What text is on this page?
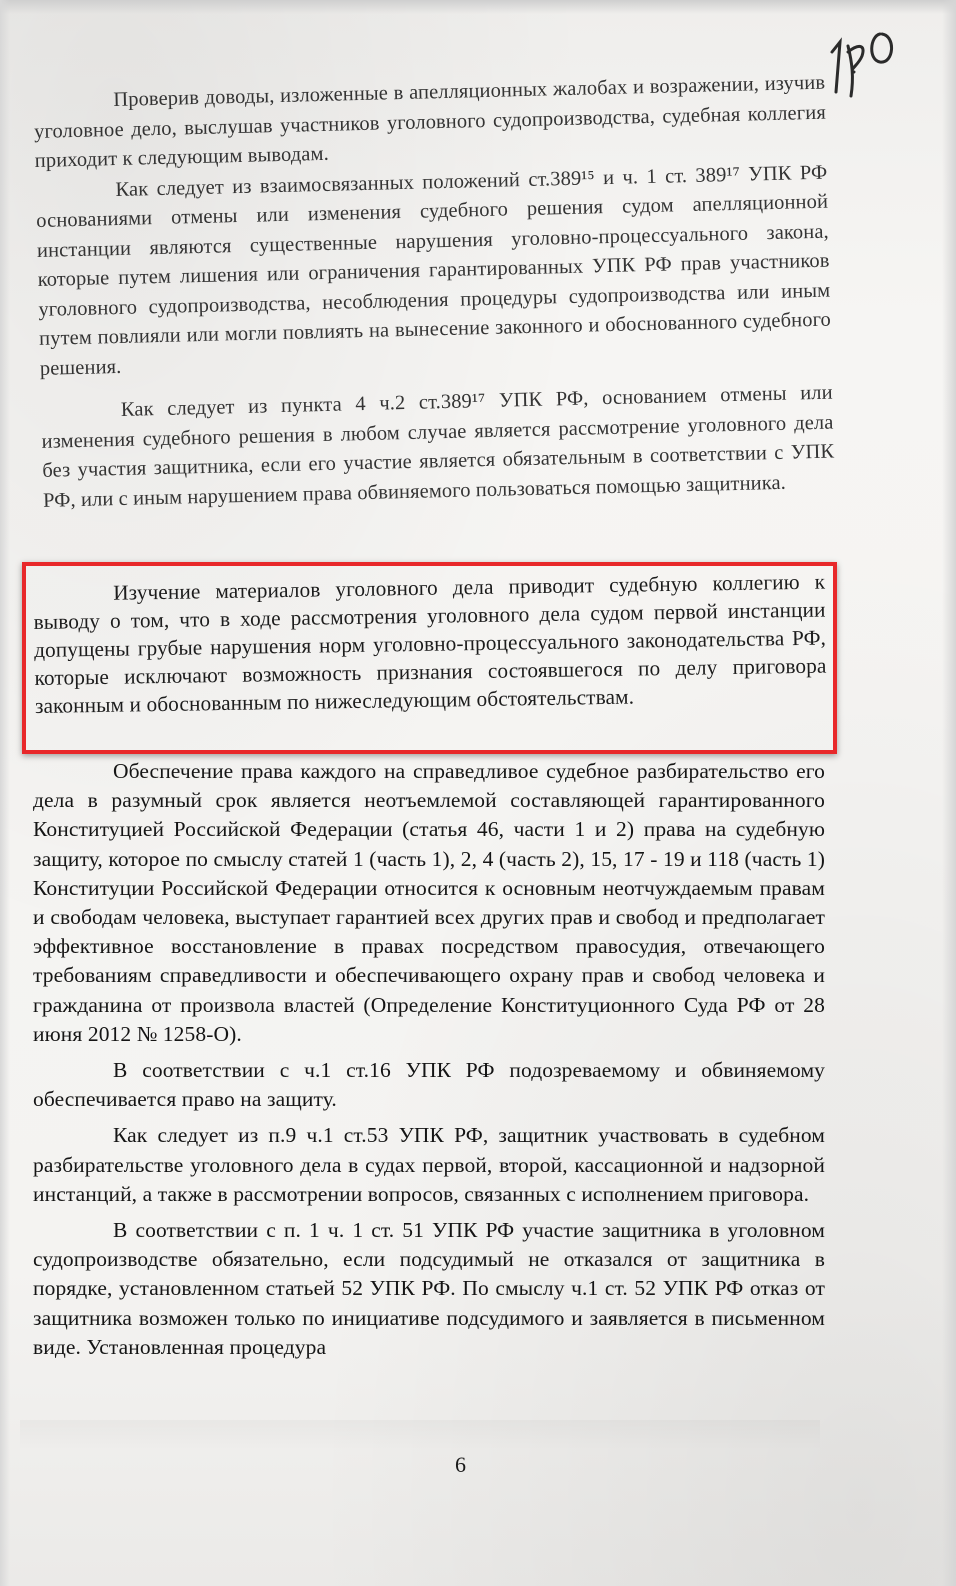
Проверив доводы, изложенные в апелляционных жалобах и возражении, изучив уголовное дело, выслушав участников уголовного судопроизводства, судебная коллегия приходит к следующим выводам.

Как следует из взаимосвязанных положений ст.389¹⁵ и ч. 1 ст. 389¹⁷ УПК РФ основаниями отмены или изменения судебного решения судом апелляционной инстанции являются существенные нарушения уголовно-процессуального закона, которые путем лишения или ограничения гарантированных УПК РФ прав участников уголовного судопроизводства, несоблюдения процедуры судопроизводства или иным путем повлияли или могли повлиять на вынесение законного и обоснованного судебного решения.

Как следует из пункта 4 ч.2 ст.389¹⁷ УПК РФ, основанием отмены или изменения судебного решения в любом случае является рассмотрение уголовного дела без участия защитника, если его участие является обязательным в соответствии с УПК РФ, или с иным нарушением права обвиняемого пользоваться помощью защитника.

Изучение материалов уголовного дела приводит судебную коллегию к выводу о том, что в ходе рассмотрения уголовного дела судом первой инстанции допущены грубые нарушения норм уголовно-процессуального законодательства РФ, которые исключают возможность признания состоявшегося по делу приговора законным и обоснованным по нижеследующим обстоятельствам.

Обеспечение права каждого на справедливое судебное разбирательство его дела в разумный срок является неотъемлемой составляющей гарантированного Конституцией Российской Федерации (статья 46, части 1 и 2) права на судебную защиту, которое по смыслу статей 1 (часть 1), 2, 4 (часть 2), 15, 17 - 19 и 118 (часть 1) Конституции Российской Федерации относится к основным неотчуждаемым правам и свободам человека, выступает гарантией всех других прав и свобод и предполагает эффективное восстановление в правах посредством правосудия, отвечающего требованиям справедливости и обеспечивающего охрану прав и свобод человека и гражданина от произвола властей (Определение Конституционного Суда РФ от 28 июня 2012 № 1258-О).

В соответствии с ч.1 ст.16 УПК РФ подозреваемому и обвиняемому обеспечивается право на защиту.

Как следует из п.9 ч.1 ст.53 УПК РФ, защитник участвовать в судебном разбирательстве уголовного дела в судах первой, второй, кассационной и надзорной инстанций, а также в рассмотрении вопросов, связанных с исполнением приговора.

В соответствии с п. 1 ч. 1 ст. 51 УПК РФ участие защитника в уголовном судопроизводстве обязательно, если подсудимый не отказался от защитника в порядке, установленном статьей 52 УПК РФ. По смыслу ч.1 ст. 52 УПК РФ отказ от защитника возможен только по инициативе подсудимого и заявляется в письменном виде. Установленная процедура

6
